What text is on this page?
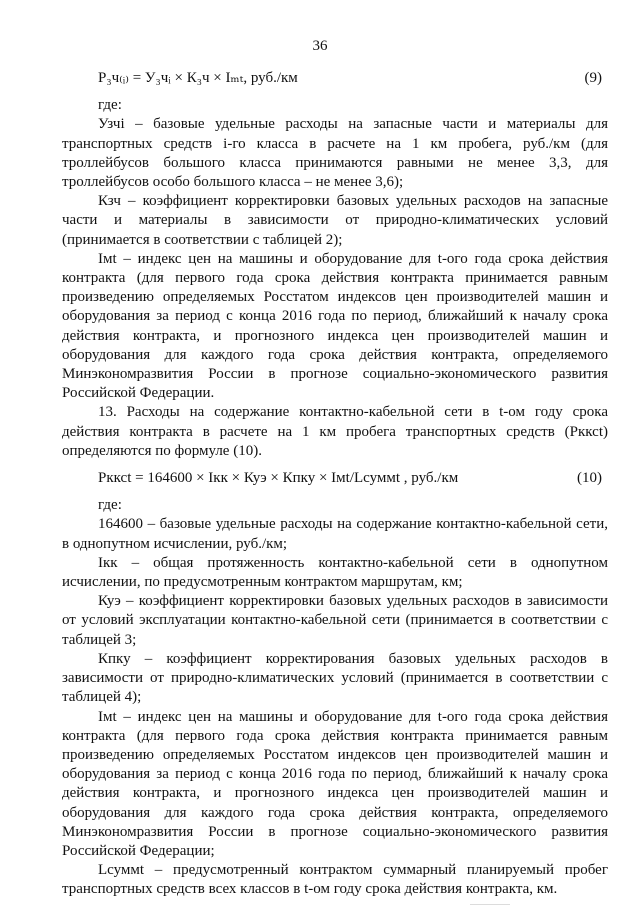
36
Р₃ч₍ᵢ₎ = У₃чᵢ × К₃ч × Iₘₜ, руб./км	(9)
где:

Узчi – базовые удельные расходы на запасные части и материалы для транспортных средств i-го класса в расчете на 1 км пробега, руб./км (для троллейбусов большого класса принимаются равными не менее 3,3, для троллейбусов особо большого класса – не менее 3,6);

Кзч – коэффициент корректировки базовых удельных расходов на запасные части и материалы в зависимости от природно-климатических условий (принимается в соответствии с таблицей 2);

Iмt – индекс цен на машины и оборудование для t-ого года срока действия контракта (для первого года срока действия контракта принимается равным произведению определяемых Росстатом индексов цен производителей машин и оборудования за период с конца 2016 года по период, ближайший к началу срока действия контракта, и прогнозного индекса цен производителей машин и оборудования для каждого года срока действия контракта, определяемого Минэкономразвития России в прогнозе социально-экономического развития Российской Федерации.

13. Расходы на содержание контактно-кабельной сети в t-ом году срока действия контракта в расчете на 1 км пробега транспортных средств (Ркксt) определяются по формуле (10).

Ркксt = 164600 × Iкк × Куэ × Кпку × Iмt/Lсуммt , руб./км	(10)
где:

164600 – базовые удельные расходы на содержание контактно-кабельной сети, в однопутном исчислении, руб./км;

Iкк – общая протяженность контактно-кабельной сети в однопутном исчислении, по предусмотренным контрактом маршрутам, км;

Куэ – коэффициент корректировки базовых удельных расходов в зависимости от условий эксплуатации контактно-кабельной сети (принимается в соответствии с таблицей 3;

Кпку – коэффициент корректирования базовых удельных расходов в зависимости от природно-климатических условий (принимается в соответствии с таблицей 4);

Iмt – индекс цен на машины и оборудование для t-ого года срока действия контракта (для первого года срока действия контракта принимается равным произведению определяемых Росстатом индексов цен производителей машин и оборудования за период с конца 2016 года по период, ближайший к началу срока действия контракта, и прогнозного индекса цен производителей машин и оборудования для каждого года срока действия контракта, определяемого Минэкономразвития России в прогнозе социально-экономического развития Российской Федерации;

Lсуммt – предусмотренный контрактом суммарный планируемый пробег транспортных средств всех классов в t-ом году срока действия контракта, км.
